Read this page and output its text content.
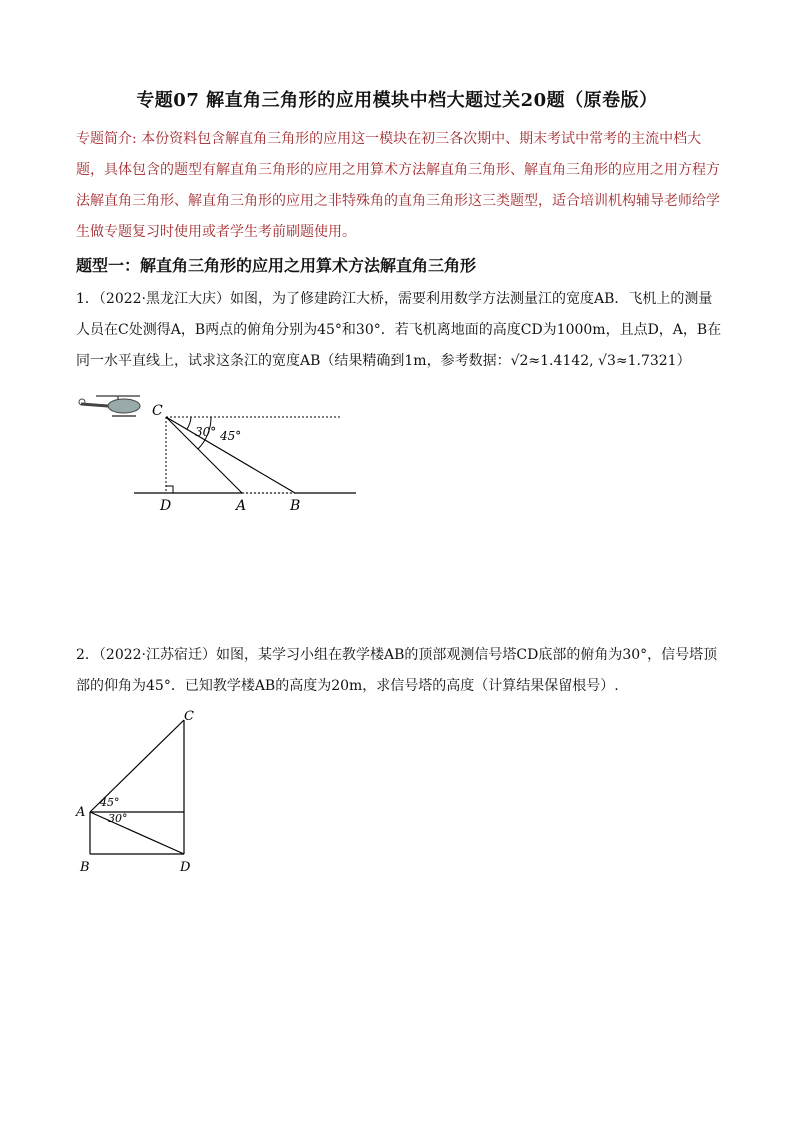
专题07 解直角三角形的应用模块中档大题过关20题（原卷版）
专题简介: 本份资料包含解直角三角形的应用这一模块在初三各次期中、期末考试中常考的主流中档大题，具体包含的题型有解直角三角形的应用之用算术方法解直角三角形、解直角三角形的应用之用方程方法解直角三角形、解直角三角形的应用之非特殊角的直角三角形这三类题型，适合培训机构辅导老师给学生做专题复习时使用或者学生考前刷题使用。
题型一：解直角三角形的应用之用算术方法解直角三角形
1．（2022·黑龙江大庆）如图，为了修建跨江大桥，需要利用数学方法测量江的宽度AB．飞机上的测量人员在C处测得A，B两点的俯角分别为45°和30°．若飞机离地面的高度CD为1000m，且点D，A，B在同一水平直线上，试求这条江的宽度AB（结果精确到1m，参考数据：√2≈1.4142, √3≈1.7321）
30° 45°
C
D	A	B
2．（2022·江苏宿迁）如图，某学习小组在教学楼AB的顶部观测信号塔CD底部的俯角为30°，信号塔顶部的仰角为45°．已知教学楼AB的高度为20m，求信号塔的高度（计算结果保留根号）.
45°
30°
C
A
B	D
